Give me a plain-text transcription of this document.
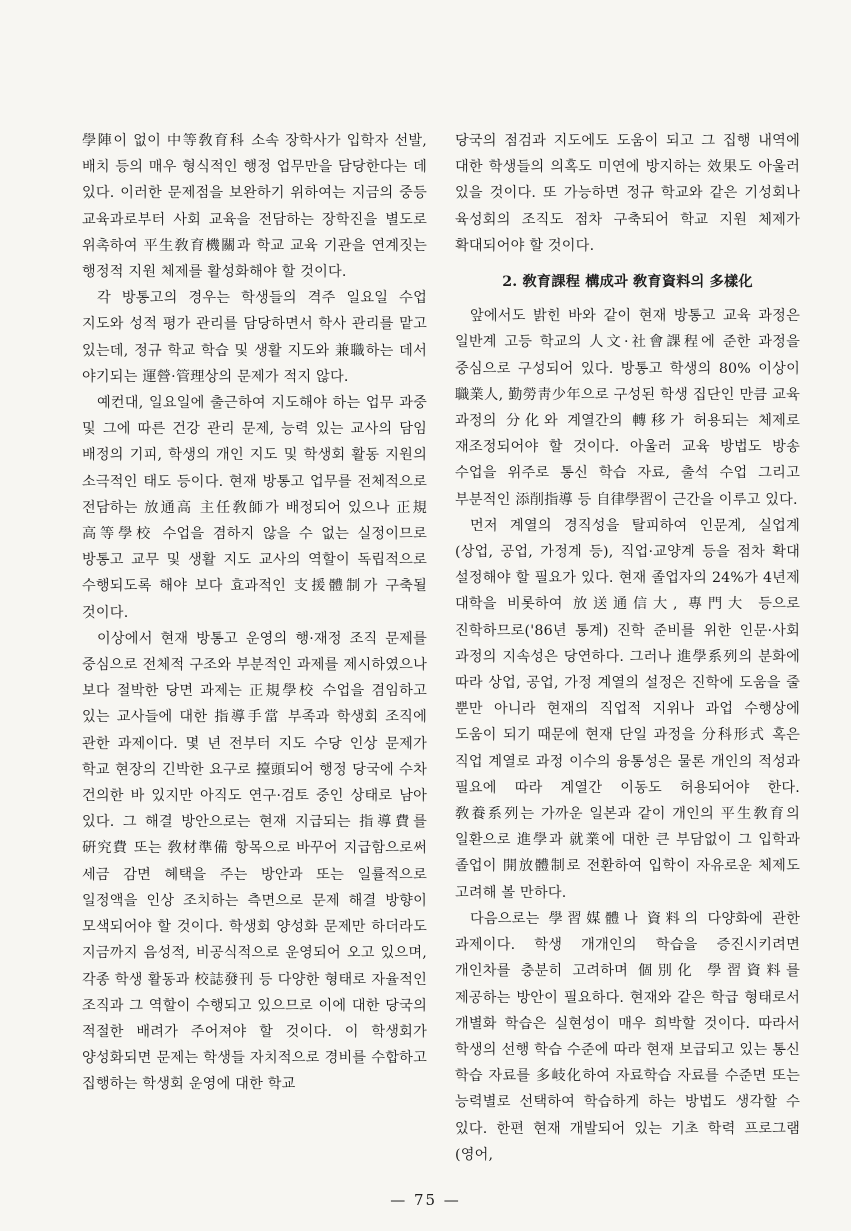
學陣이 없이 中等敎育科 소속 장학사가 입학자 선발, 배치 등의 매우 형식적인 행정 업무만을 담당한다는 데 있다. 이러한 문제점을 보완하기 위하여는 지금의 중등 교육과로부터 사회 교육을 전담하는 장학진을 별도로 위촉하여 平生敎育機關과 학교 교육 기관을 연계짓는 행정적 지원 체제를 활성화해야 할 것이다.

각 방통고의 경우는 학생들의 격주 일요일 수업 지도와 성적 평가 관리를 담당하면서 학사 관리를 맡고 있는데, 정규 학교 학습 및 생활 지도와 兼職하는 데서 야기되는 運營·管理상의 문제가 적지 않다.

예컨대, 일요일에 출근하여 지도해야 하는 업무 과중 및 그에 따른 건강 관리 문제, 능력 있는 교사의 담임 배정의 기피, 학생의 개인 지도 및 학생회 활동 지원의 소극적인 태도 등이다. 현재 방통고 업무를 전체적으로 전담하는 放通高 主任敎師가 배정되어 있으나 正規 高等學校 수업을 겸하지 않을 수 없는 실정이므로 방통고 교무 및 생활 지도 교사의 역할이 독립적으로 수행되도록 해야 보다 효과적인 支援體制가 구축될 것이다.

이상에서 현재 방통고 운영의 행·재정 조직 문제를 중심으로 전체적 구조와 부분적인 과제를 제시하였으나 보다 절박한 당면 과제는 正規學校 수업을 겸임하고 있는 교사들에 대한 指導手當 부족과 학생회 조직에 관한 과제이다. 몇 년 전부터 지도 수당 인상 문제가 학교 현장의 긴박한 요구로 擡頭되어 행정 당국에 수차 건의한 바 있지만 아직도 연구·검토 중인 상태로 남아 있다. 그 해결 방안으로는 현재 지급되는 指導費를 硏究費 또는 敎材準備 항목으로 바꾸어 지급함으로써 세금 감면 혜택을 주는 방안과 또는 일률적으로 일정액을 인상 조치하는 측면으로 문제 해결 방향이 모색되어야 할 것이다. 학생회 양성화 문제만 하더라도 지금까지 음성적, 비공식적으로 운영되어 오고 있으며, 각종 학생 활동과 校誌發刊 등 다양한 형태로 자율적인 조직과 그 역할이 수행되고 있으므로 이에 대한 당국의 적절한 배려가 주어져야 할 것이다. 이 학생회가 양성화되면 문제는 학생들 자치적으로 경비를 수합하고 집행하는 학생회 운영에 대한 학교

당국의 점검과 지도에도 도움이 되고 그 집행 내역에 대한 학생들의 의혹도 미연에 방지하는 效果도 아울러 있을 것이다. 또 가능하면 정규 학교와 같은 기성회나 육성회의 조직도 점차 구축되어 학교 지원 체제가 확대되어야 할 것이다.

2. 敎育課程 構成과 敎育資料의 多樣化

앞에서도 밝힌 바와 같이 현재 방통고 교육 과정은 일반계 고등 학교의 人文·社會課程에 준한 과정을 중심으로 구성되어 있다. 방통고 학생의 80% 이상이 職業人, 勤勞靑少年으로 구성된 학생 집단인 만큼 교육 과정의 分化와 계열간의 轉移가 허용되는 체제로 재조정되어야 할 것이다. 아울러 교육 방법도 방송 수업을 위주로 통신 학습 자료, 출석 수업 그리고 부분적인 添削指導 등 自律學習이 근간을 이루고 있다.

먼저 계열의 경직성을 탈피하여 인문계, 실업계(상업, 공업, 가정계 등), 직업·교양계 등을 점차 확대 설정해야 할 필요가 있다. 현재 졸업자의 24%가 4년제 대학을 비롯하여 放送通信大, 專門大 등으로 진학하므로('86년 통계) 진학 준비를 위한 인문·사회 과정의 지속성은 당연하다. 그러나 進學系列의 분화에 따라 상업, 공업, 가정 계열의 설정은 진학에 도움을 줄 뿐만 아니라 현재의 직업적 지위나 과업 수행상에 도움이 되기 때문에 현재 단일 과정을 分科形式 혹은 직업 계열로 과정 이수의 융통성은 물론 개인의 적성과 필요에 따라 계열간 이동도 허용되어야 한다. 敎養系列는 가까운 일본과 같이 개인의 平生敎育의 일환으로 進學과 就業에 대한 큰 부담없이 그 입학과 졸업이 開放體制로 전환하여 입학이 자유로운 체제도 고려해 볼 만하다.

다음으로는 學習媒體나 資料의 다양화에 관한 과제이다. 학생 개개인의 학습을 증진시키려면 개인차를 충분히 고려하며 個別化 學習資料를 제공하는 방안이 필요하다. 현재와 같은 학급 형태로서 개별화 학습은 실현성이 매우 희박할 것이다. 따라서 학생의 선행 학습 수준에 따라 현재 보급되고 있는 통신 학습 자료를 多岐化하여 자료학습 자료를 수준면 또는 능력별로 선택하여 학습하게 하는 방법도 생각할 수 있다. 한편 현재 개발되어 있는 기초 학력 프로그램(영어,

— 75 —
